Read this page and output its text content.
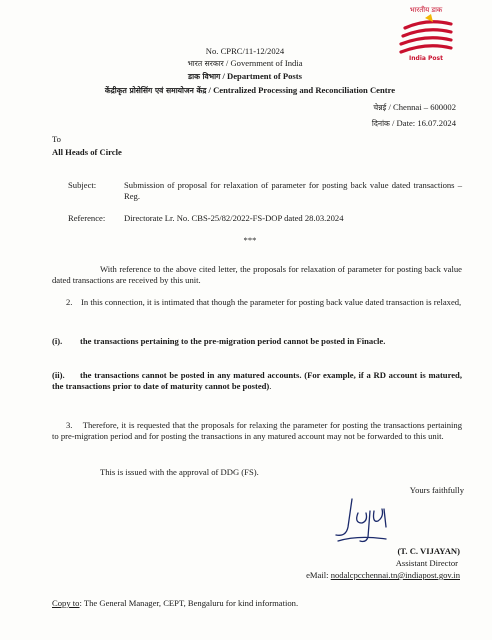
भारतीय डाक
India Post
No. CPRC/11-12/2024
भारत सरकार / Government of India
डाक विभाग / Department of Posts
केंद्रीकृत प्रोसेसिंग एवं समायोजन केंद्र / Centralized Processing and Reconciliation Centre
चेन्नई / Chennai – 600002
दिनांक / Date: 16.07.2024
To
All Heads of Circle
Subject:	Submission of proposal for relaxation of parameter for posting back value dated transactions – Reg.
Reference: Directorate Lr. No. CBS-25/82/2022-FS-DOP dated 28.03.2024
***
With reference to the above cited letter, the proposals for relaxation of parameter for posting back value dated transactions are received by this unit.
2.    In this connection, it is intimated that though the parameter for posting back value dated transaction is relaxed,
(i).	the transactions pertaining to the pre-migration period cannot be posted in Finacle.
(ii).	the transactions cannot be posted in any matured accounts. (For example, if a RD account is matured, the transactions prior to date of maturity cannot be posted).
3.    Therefore, it is requested that the proposals for relaxing the parameter for posting the transactions pertaining to pre-migration period and for posting the transactions in any matured account may not be forwarded to this unit.
This is issued with the approval of DDG (FS).
Yours faithfully
(T. C. VIJAYAN)
Assistant Director
eMail: nodalcpcchennai.tn@indiapost.gov.in
Copy to: The General Manager, CEPT, Bengaluru for kind information.
